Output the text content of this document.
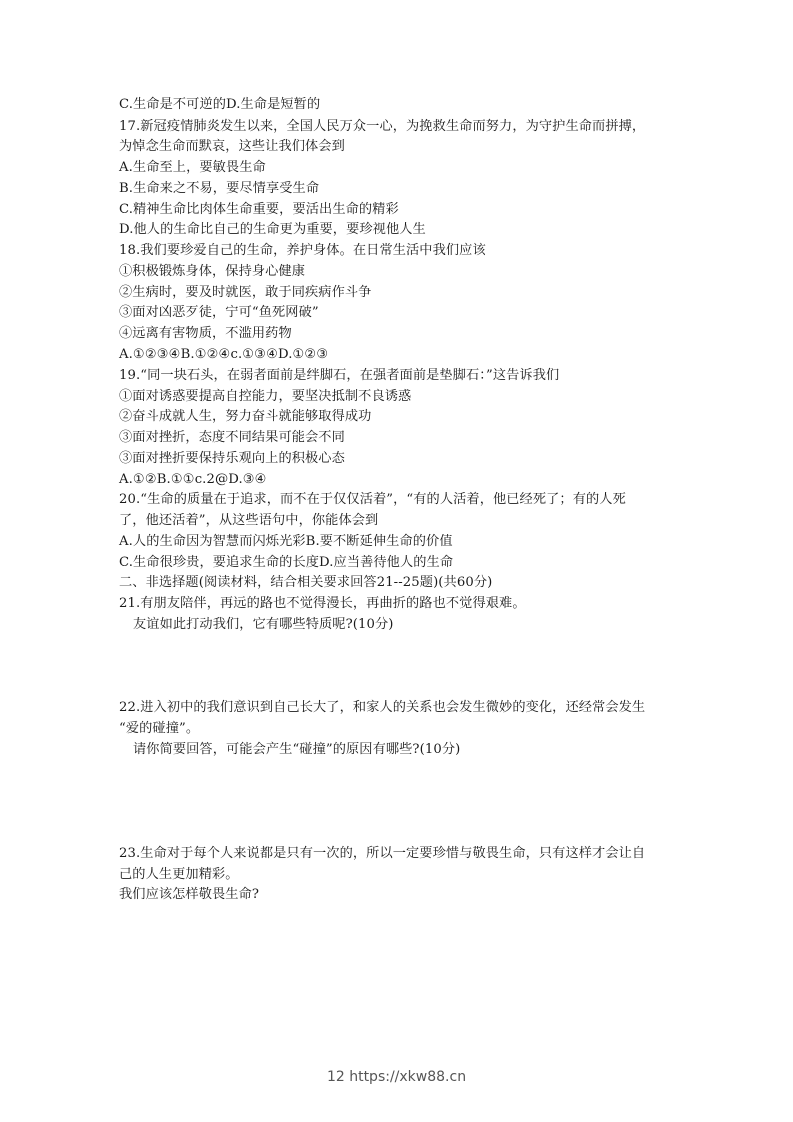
C.生命是不可逆的D.生命是短暂的
17.新冠疫情肺炎发生以来，全国人民万众一心，为挽救生命而努力，为守护生命而拼搏，
为悼念生命而默哀，这些让我们体会到
A.生命至上，要敏畏生命
B.生命来之不易，要尽情享受生命
C.精神生命比肉体生命重要，要活出生命的精彩
D.他人的生命比自己的生命更为重要，要珍视他人生
18.我们要珍爱自己的生命，养护身体。在日常生活中我们应该
①积极锻炼身体，保持身心健康
②生病时，要及时就医，敢于同疾病作斗争
③面对凶恶歹徒，宁可“鱼死网破”
④远离有害物质，不滥用药物
A.①②③④B.①②④c.①③④D.①②③
19.“同一块石头，在弱者面前是绊脚石，在强者面前是垫脚石：”这告诉我们
①面对诱惑要提高自控能力，要坚决抵制不良诱惑
②奋斗成就人生，努力奋斗就能够取得成功
③面对挫折，态度不同结果可能会不同
③面对挫折要保持乐观向上的积极心态
A.①②B.①①c.2@D.③④
20.“生命的质量在于追求，而不在于仅仅活着”，“有的人活着，他已经死了；有的人死
了，他还活着”，从这些语句中，你能体会到
A.人的生命因为智慧而闪烁光彩B.要不断延伸生命的价值
C.生命很珍贵，要追求生命的长度D.应当善待他人的生命
二、非选择题(阅读材料，结合相关要求回答21--25题)(共60分)
21.有朋友陪伴，再远的路也不觉得漫长，再曲折的路也不觉得艰难。
友谊如此打动我们，它有哪些特质呢?(10分)
22.进入初中的我们意识到自己长大了，和家人的关系也会发生微妙的变化，还经常会发生
“爱的碰撞”。
请你简要回答，可能会产生“碰撞”的原因有哪些?(10分)
23.生命对于每个人来说都是只有一次的，所以一定要珍惜与敬畏生命，只有这样才会让自
己的人生更加精彩。
我们应该怎样敬畏生命?
12 https://xkw88.cn
